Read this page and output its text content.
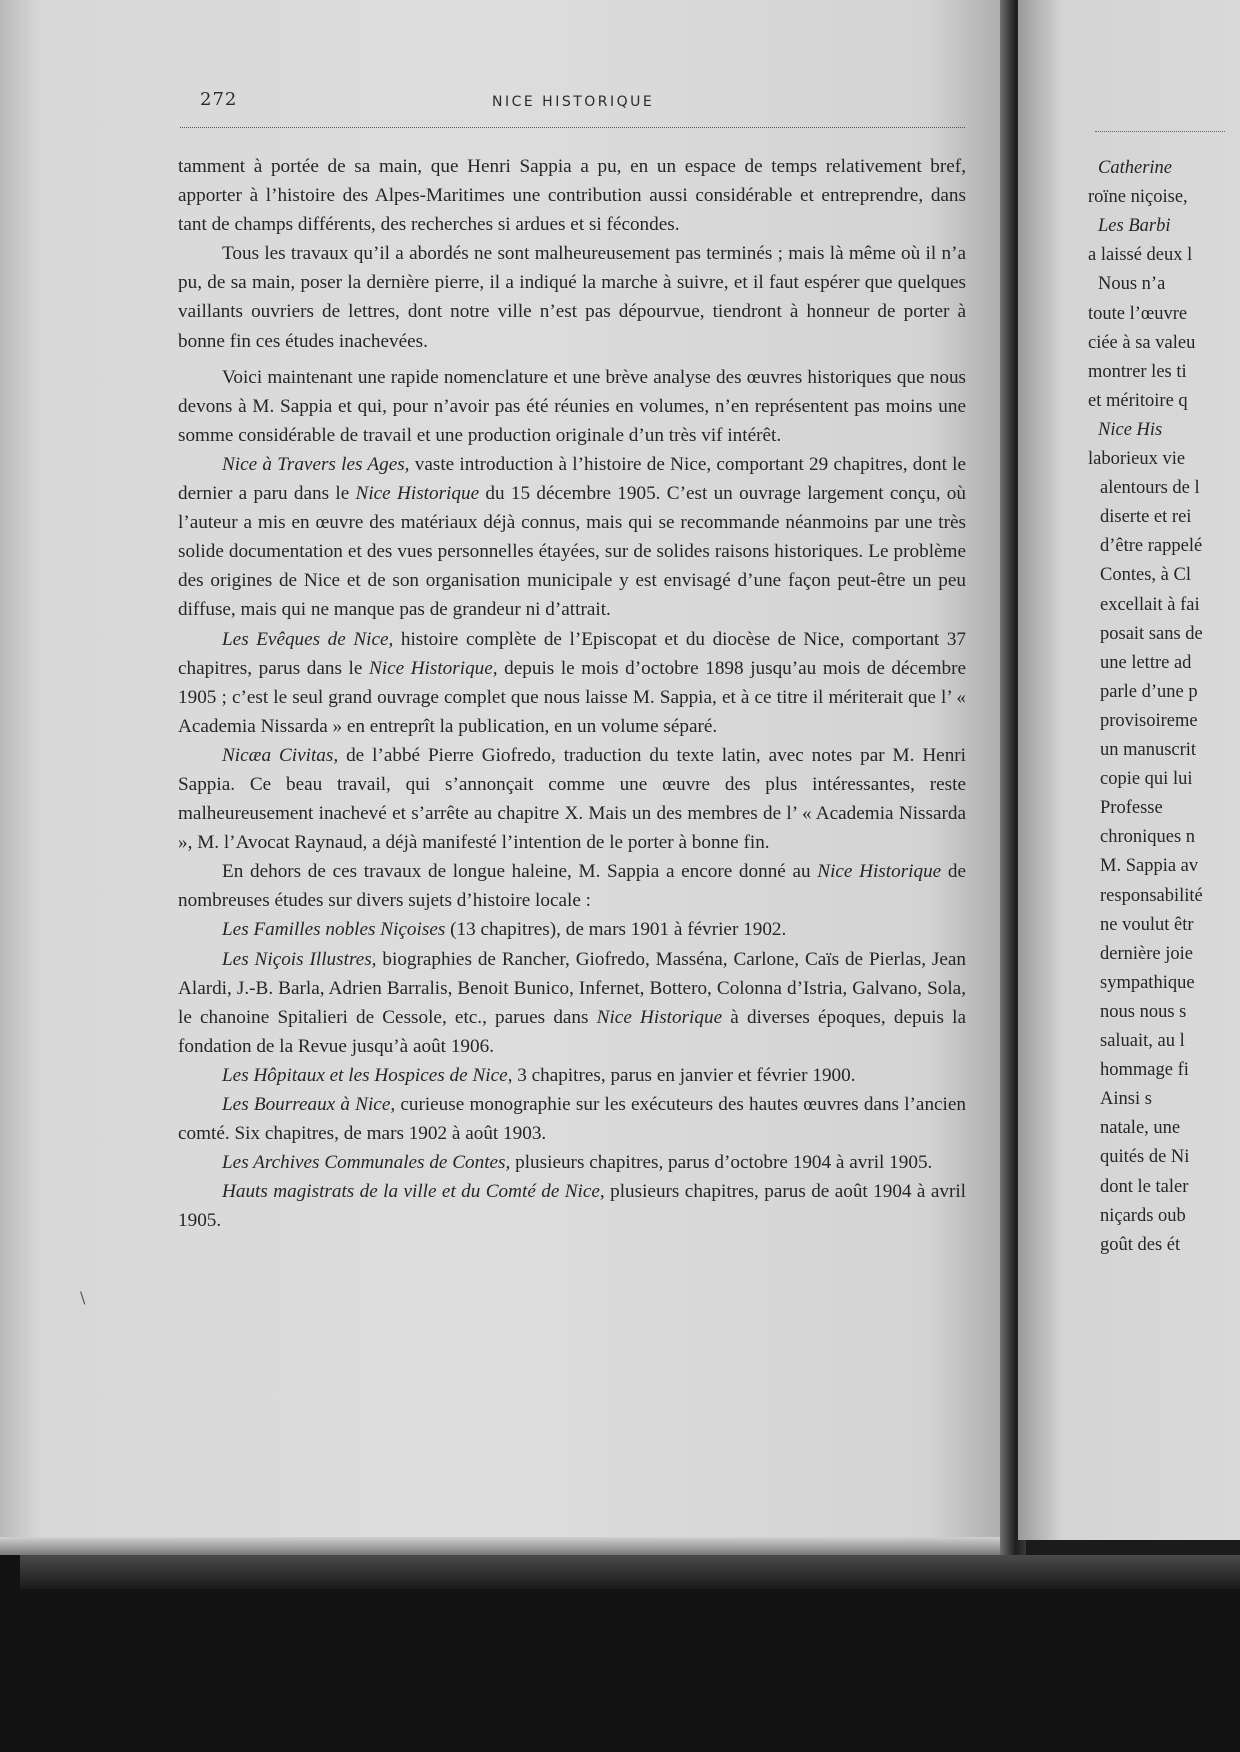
272	NICE HISTORIQUE

tamment à portée de sa main, que Henri Sappia a pu, en un espace de temps relativement bref, apporter à l’histoire des Alpes-Maritimes une contribution aussi considérable et entreprendre, dans tant de champs différents, des recherches si ardues et si fécondes.

Tous les travaux qu’il a abordés ne sont malheureusement pas terminés ; mais là même où il n’a pu, de sa main, poser la dernière pierre, il a indiqué la marche à suivre, et il faut espérer que quelques vaillants ouvriers de lettres, dont notre ville n’est pas dépourvue, tiendront à honneur de porter à bonne fin ces études inachevées.

Voici maintenant une rapide nomenclature et une brève analyse des œuvres historiques que nous devons à M. Sappia et qui, pour n’avoir pas été réunies en volumes, n’en représentent pas moins une somme considérable de travail et une production originale d’un très vif intérêt.

Nice à Travers les Ages, vaste introduction à l’histoire de Nice, comportant 29 chapitres, dont le dernier a paru dans le Nice Historique du 15 décembre 1905. C’est un ouvrage largement conçu, où l’auteur a mis en œuvre des matériaux déjà connus, mais qui se recommande néanmoins par une très solide documentation et des vues personnelles étayées, sur de solides raisons historiques. Le problème des origines de Nice et de son organisation municipale y est envisagé d’une façon peut-être un peu diffuse, mais qui ne manque pas de grandeur ni d’attrait.

Les Evêques de Nice, histoire complète de l’Episcopat et du diocèse de Nice, comportant 37 chapitres, parus dans le Nice Historique, depuis le mois d’octobre 1898 jusqu’au mois de décembre 1905 ; c’est le seul grand ouvrage complet que nous laisse M. Sappia, et à ce titre il mériterait que l’ « Academia Nissarda » en entreprît la publication, en un volume séparé.

Nicæa Civitas, de l’abbé Pierre Giofredo, traduction du texte latin, avec notes par M. Henri Sappia. Ce beau travail, qui s’annonçait comme une œuvre des plus intéressantes, reste malheureusement inachevé et s’arrête au chapitre X. Mais un des membres de l’ « Academia Nissarda », M. l’Avocat Raynaud, a déjà manifesté l’intention de le porter à bonne fin.

En dehors de ces travaux de longue haleine, M. Sappia a encore donné au Nice Historique de nombreuses études sur divers sujets d’histoire locale :

Les Familles nobles Niçoises (13 chapitres), de mars 1901 à février 1902.

Les Niçois Illustres, biographies de Rancher, Giofredo, Masséna, Carlone, Caïs de Pierlas, Jean Alardi, J.-B. Barla, Adrien Barralis, Benoit Bunico, Infernet, Bottero, Colonna d’Istria, Galvano, Sola, le chanoine Spitalieri de Cessole, etc., parues dans Nice Historique à diverses époques, depuis la fondation de la Revue jusqu’à août 1906.

Les Hôpitaux et les Hospices de Nice, 3 chapitres, parus en janvier et février 1900.

Les Bourreaux à Nice, curieuse monographie sur les exécuteurs des hautes œuvres dans l’ancien comté. Six chapitres, de mars 1902 à août 1903.

Les Archives Communales de Contes, plusieurs chapitres, parus d’octobre 1904 à avril 1905.

Hauts magistrats de la ville et du Comté de Nice, plusieurs chapitres, parus de août 1904 à avril 1905.

\

Catherine

roïne niçoise,

Les Barbi

a laissé deux l

Nous n’a

toute l’œuvre

ciée à sa valeu

montrer les ti

et méritoire q

Nice His

laborieux vie

alentours de l

diserte et rei

d’être rappelé

Contes, à Cl

excellait à fai

posait sans de

une lettre ad

parle d’une p

provisoireme

un manuscrit

copie qui lui

Professe

chroniques n

M. Sappia av

responsabilité

ne voulut êtr

dernière joie

sympathique

nous nous s

saluait, au l

hommage fi

Ainsi s

natale, une

quités de Ni

dont le taler

niçards oub

goût des ét
